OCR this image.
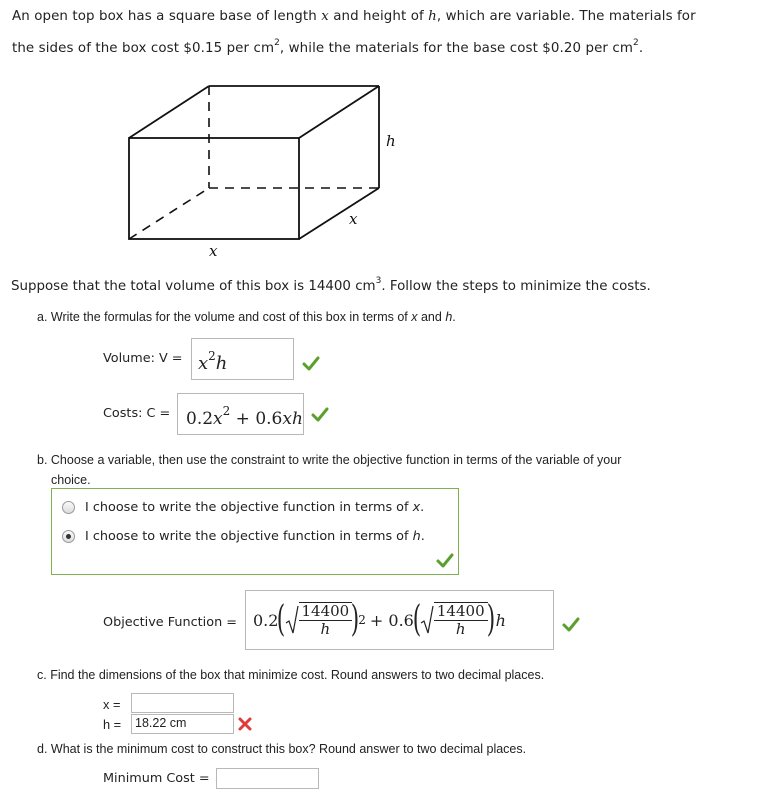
An open top box has a square base of length x and height of h, which are variable. The materials for

the sides of the box cost $0.15 per $cm^2$, while the materials for the base cost $0.20 per $cm^2$.

h
x
x
Suppose that the total volume of this box is 14400 $cm^3$. Follow the steps to minimize the costs.
a. Write the formulas for the volume and cost of this box in terms of x and h.
Volume: $V = x^2h$
Costs: $C = 0.2x^2 + 0.6xh$
b. Choose a variable, then use the constraint to write the objective function in terms of the variable of your
choice.
I choose to write the objective function in terms of x.
I choose to write the objective function in terms of h.
Objective Function = 0.2
( $\frac{14400}{h}$
)
2 + 0.6
( $\frac{14400}{h}$
) h
c. Find the dimensions of the box that minimize cost. Round answers to two decimal places.
x =
h = 18.22 cm
d. What is the minimum cost to construct this box? Round answer to two decimal places.
Minimum Cost =
